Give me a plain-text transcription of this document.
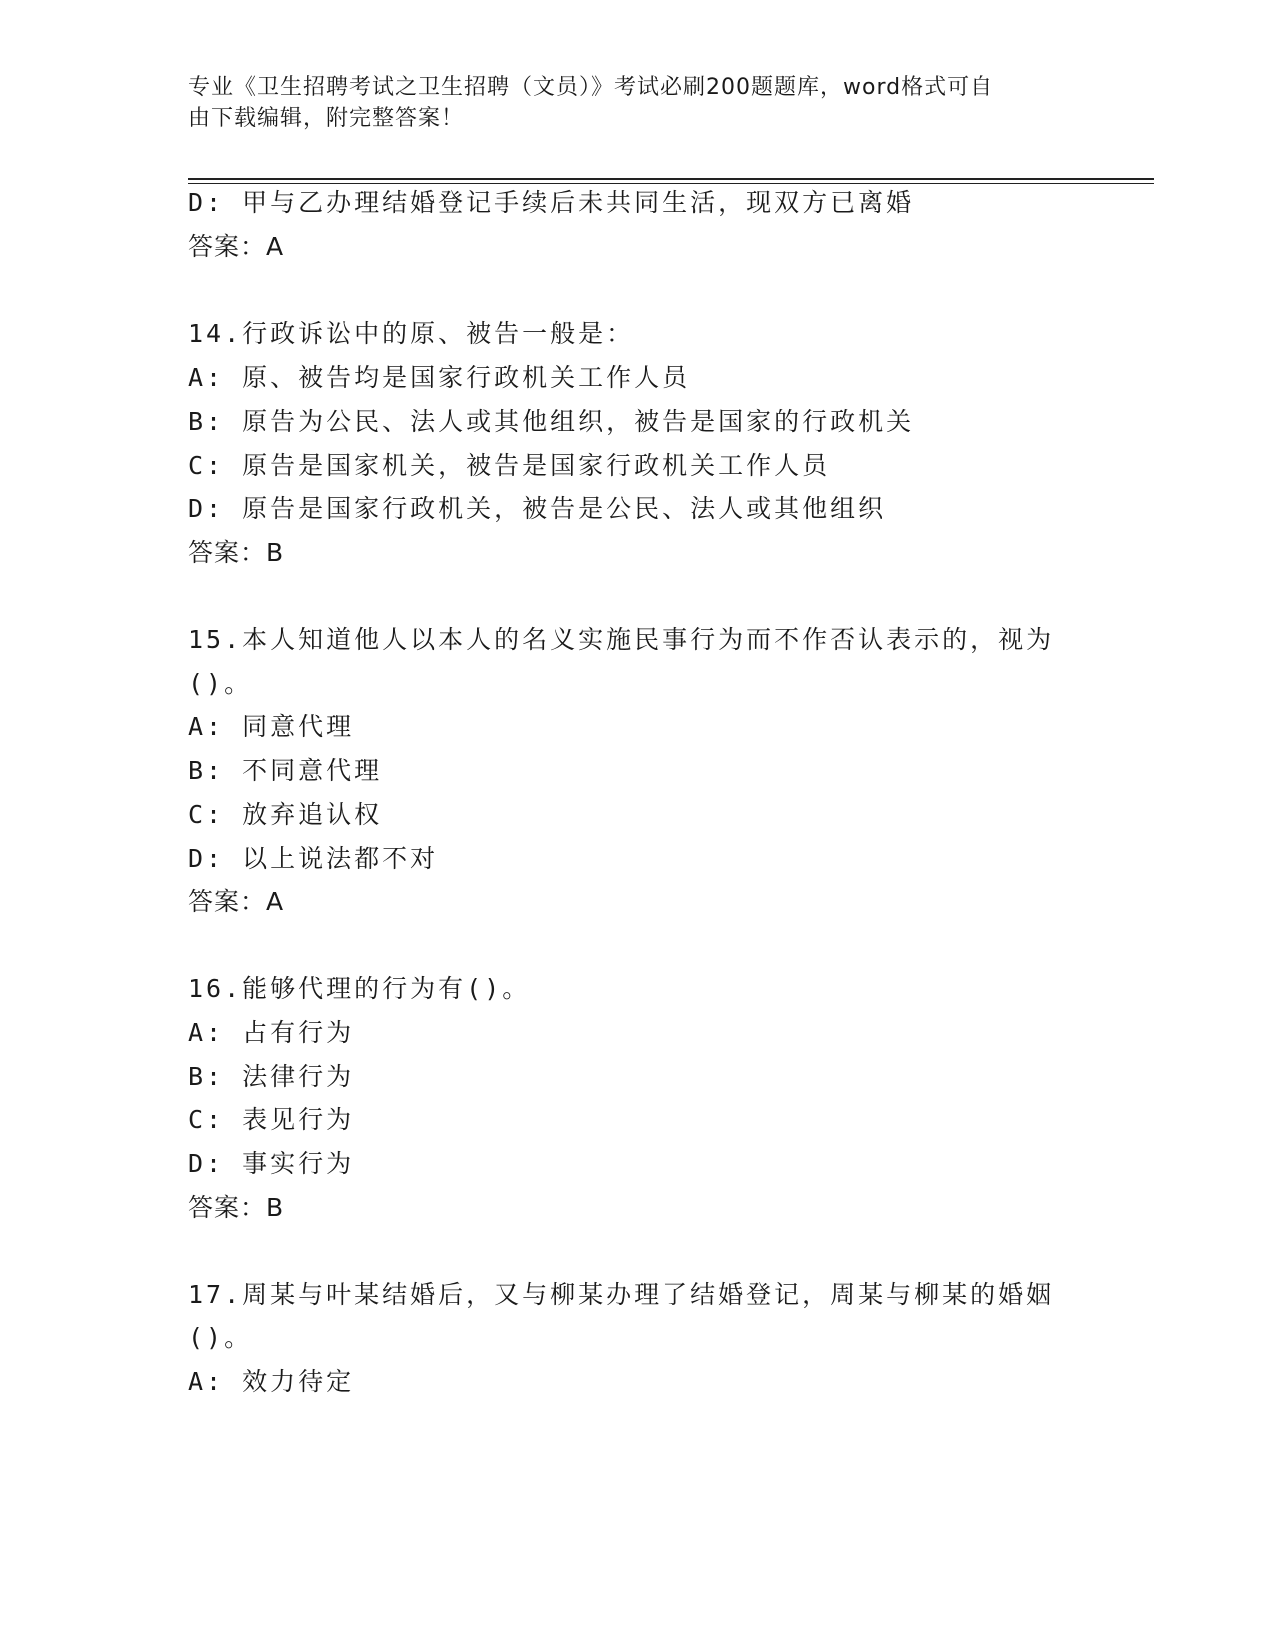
专业《卫生招聘考试之卫生招聘（文员）》考试必刷200题题库，word格式可自
由下载编辑，附完整答案！
D: 甲与乙办理结婚登记手续后未共同生活，现双方已离婚
答案：A
14.行政诉讼中的原、被告一般是：
A: 原、被告均是国家行政机关工作人员
B: 原告为公民、法人或其他组织，被告是国家的行政机关
C: 原告是国家机关，被告是国家行政机关工作人员
D: 原告是国家行政机关，被告是公民、法人或其他组织
答案：B
15.本人知道他人以本人的名义实施民事行为而不作否认表示的，视为
()。
A: 同意代理
B: 不同意代理
C: 放弃追认权
D: 以上说法都不对
答案：A
16.能够代理的行为有()。
A: 占有行为
B: 法律行为
C: 表见行为
D: 事实行为
答案：B
17.周某与叶某结婚后，又与柳某办理了结婚登记，周某与柳某的婚姻
()。
A: 效力待定
